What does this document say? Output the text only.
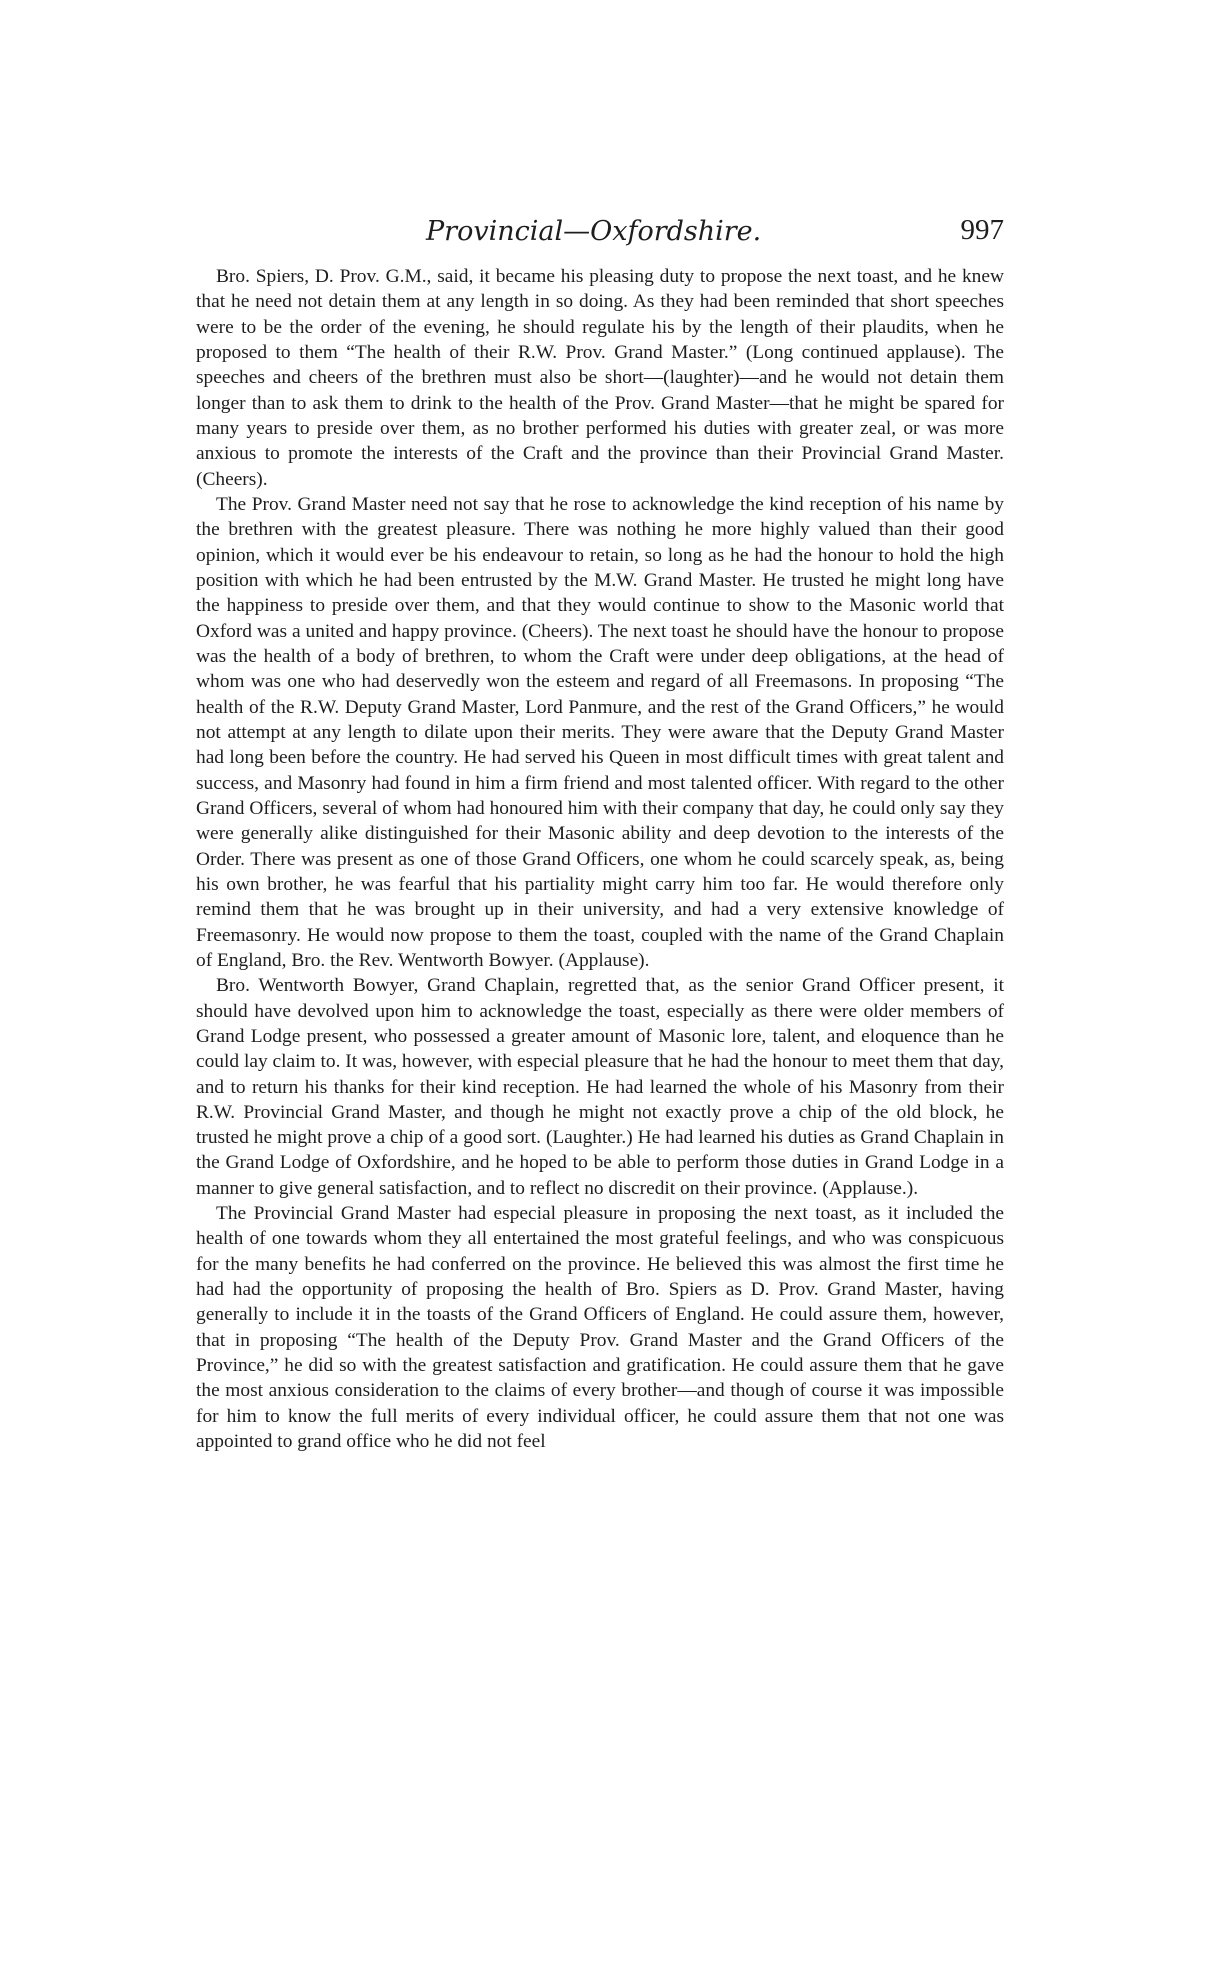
Provincial—Oxfordshire.	997

Bro. Spiers, D. Prov. G.M., said, it became his pleasing duty to propose the next toast, and he knew that he need not detain them at any length in so doing. As they had been reminded that short speeches were to be the order of the evening, he should regulate his by the length of their plaudits, when he proposed to them “The health of their R.W. Prov. Grand Master.” (Long continued applause). The speeches and cheers of the brethren must also be short—(laughter)—and he would not detain them longer than to ask them to drink to the health of the Prov. Grand Master—that he might be spared for many years to preside over them, as no brother performed his duties with greater zeal, or was more anxious to promote the interests of the Craft and the province than their Provincial Grand Master. (Cheers).

The Prov. Grand Master need not say that he rose to acknowledge the kind reception of his name by the brethren with the greatest pleasure. There was nothing he more highly valued than their good opinion, which it would ever be his endeavour to retain, so long as he had the honour to hold the high position with which he had been entrusted by the M.W. Grand Master. He trusted he might long have the happiness to preside over them, and that they would continue to show to the Masonic world that Oxford was a united and happy province. (Cheers). The next toast he should have the honour to propose was the health of a body of brethren, to whom the Craft were under deep obligations, at the head of whom was one who had deservedly won the esteem and regard of all Freemasons. In proposing “The health of the R.W. Deputy Grand Master, Lord Panmure, and the rest of the Grand Officers,” he would not attempt at any length to dilate upon their merits. They were aware that the Deputy Grand Master had long been before the country. He had served his Queen in most difficult times with great talent and success, and Masonry had found in him a firm friend and most talented officer. With regard to the other Grand Officers, several of whom had honoured him with their company that day, he could only say they were generally alike distinguished for their Masonic ability and deep devotion to the interests of the Order. There was present as one of those Grand Officers, one whom he could scarcely speak, as, being his own brother, he was fearful that his partiality might carry him too far. He would therefore only remind them that he was brought up in their university, and had a very extensive knowledge of Freemasonry. He would now propose to them the toast, coupled with the name of the Grand Chaplain of England, Bro. the Rev. Wentworth Bowyer. (Applause).

Bro. Wentworth Bowyer, Grand Chaplain, regretted that, as the senior Grand Officer present, it should have devolved upon him to acknowledge the toast, especially as there were older members of Grand Lodge present, who possessed a greater amount of Masonic lore, talent, and eloquence than he could lay claim to. It was, however, with especial pleasure that he had the honour to meet them that day, and to return his thanks for their kind reception. He had learned the whole of his Masonry from their R.W. Provincial Grand Master, and though he might not exactly prove a chip of the old block, he trusted he might prove a chip of a good sort. (Laughter.) He had learned his duties as Grand Chaplain in the Grand Lodge of Oxfordshire, and he hoped to be able to perform those duties in Grand Lodge in a manner to give general satisfaction, and to reflect no discredit on their province. (Applause.).

The Provincial Grand Master had especial pleasure in proposing the next toast, as it included the health of one towards whom they all entertained the most grateful feelings, and who was conspicuous for the many benefits he had conferred on the province. He believed this was almost the first time he had had the opportunity of proposing the health of Bro. Spiers as D. Prov. Grand Master, having generally to include it in the toasts of the Grand Officers of England. He could assure them, however, that in proposing “The health of the Deputy Prov. Grand Master and the Grand Officers of the Province,” he did so with the greatest satisfaction and gratification. He could assure them that he gave the most anxious consideration to the claims of every brother—and though of course it was impossible for him to know the full merits of every individual officer, he could assure them that not one was appointed to grand office who he did not feel
